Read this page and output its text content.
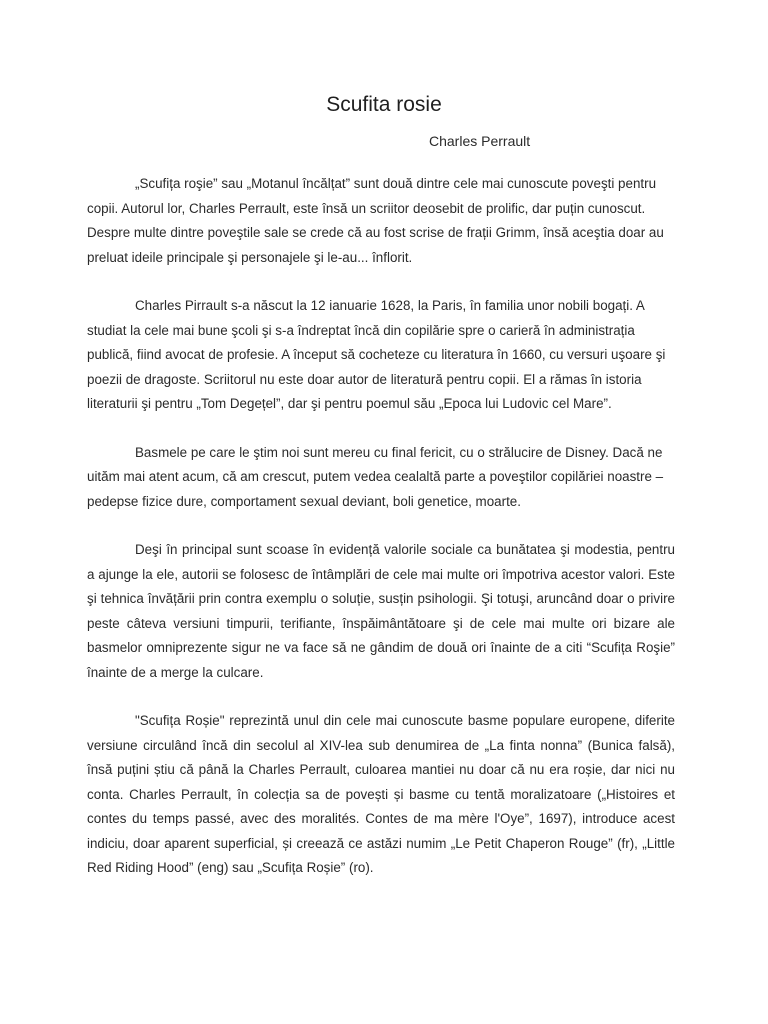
Scufita rosie

Charles Perrault

„Scufița roşie” sau „Motanul încălțat” sunt două dintre cele mai cunoscute poveşti pentru copii. Autorul lor, Charles Perrault, este însă un scriitor deosebit de prolific, dar puțin cunoscut. Despre multe dintre poveştile sale se crede că au fost scrise de frații Grimm, însă aceştia doar au preluat ideile principale şi personajele şi le-au... înflorit.

Charles Pirrault s-a născut la 12 ianuarie 1628, la Paris, în familia unor nobili bogați. A studiat la cele mai bune şcoli şi s-a îndreptat încă din copilărie spre o carieră în administrația publică, fiind avocat de profesie. A început să cocheteze cu literatura în 1660, cu versuri uşoare şi poezii de dragoste. Scriitorul nu este doar autor de literatură pentru copii. El a rămas în istoria literaturii şi pentru „Tom Degețel”, dar şi pentru poemul său „Epoca lui Ludovic cel Mare”.

Basmele pe care le ştim noi sunt mereu cu final fericit, cu o strălucire de Disney. Dacă ne uităm mai atent acum, că am crescut, putem vedea cealaltă parte a poveştilor copilăriei noastre – pedepse fizice dure, comportament sexual deviant, boli genetice, moarte.

Deşi în principal sunt scoase în evidență valorile sociale ca bunătatea şi modestia, pentru a ajunge la ele, autorii se folosesc de întâmplări de cele mai multe ori împotriva acestor valori. Este şi tehnica învățării prin contra exemplu o soluție, susțin psihologii. Şi totuşi, aruncând doar o privire peste câteva versiuni timpurii, terifiante, înspăimântătoare şi de cele mai multe ori bizare ale basmelor omniprezente sigur ne va face să ne gândim de două ori înainte de a citi “Scufița Roşie” înainte de a merge la culcare.

"Scufița Roșie" reprezintă unul din cele mai cunoscute basme populare europene, diferite versiune circulând încă din secolul al XIV-lea sub denumirea de „La finta nonna” (Bunica falsă), însă puțini știu că până la Charles Perrault, culoarea mantiei nu doar că nu era roșie, dar nici nu conta. Charles Perrault, în colecția sa de povești și basme cu tentă moralizatoare („Histoires et contes du temps passé, avec des moralités. Contes de ma mère l'Oye”, 1697), introduce acest indiciu, doar aparent superficial, și creează ce astăzi numim „Le Petit Chaperon Rouge” (fr), „Little Red Riding Hood” (eng) sau „Scufița Roșie” (ro).
